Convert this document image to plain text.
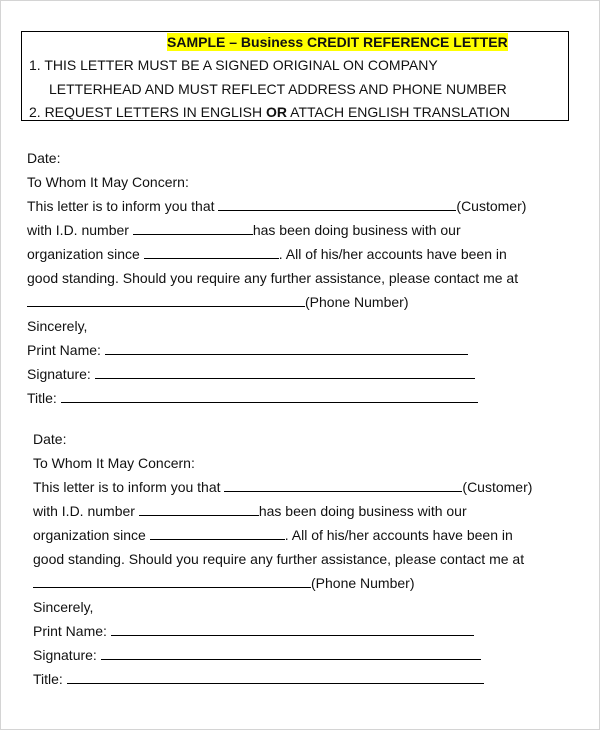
SAMPLE – Business CREDIT REFERENCE LETTER
1. THIS LETTER MUST BE A SIGNED ORIGINAL ON COMPANY
LETTERHEAD AND MUST REFLECT ADDRESS AND PHONE NUMBER
2. REQUEST LETTERS IN ENGLISH OR ATTACH ENGLISH TRANSLATION
Date:
To Whom It May Concern:
This letter is to inform you that	(Customer)
with I.D. number	has been doing business with our
organization since	. All of his/her accounts have been in
good standing. Should you require any further assistance, please contact me at
(Phone Number)
Sincerely,
Print Name:
Signature:
Title:
Date:
To Whom It May Concern:
This letter is to inform you that	(Customer)
with I.D. number	has been doing business with our
organization since	. All of his/her accounts have been in
good standing. Should you require any further assistance, please contact me at
(Phone Number)
Sincerely,
Print Name:
Signature:
Title:
